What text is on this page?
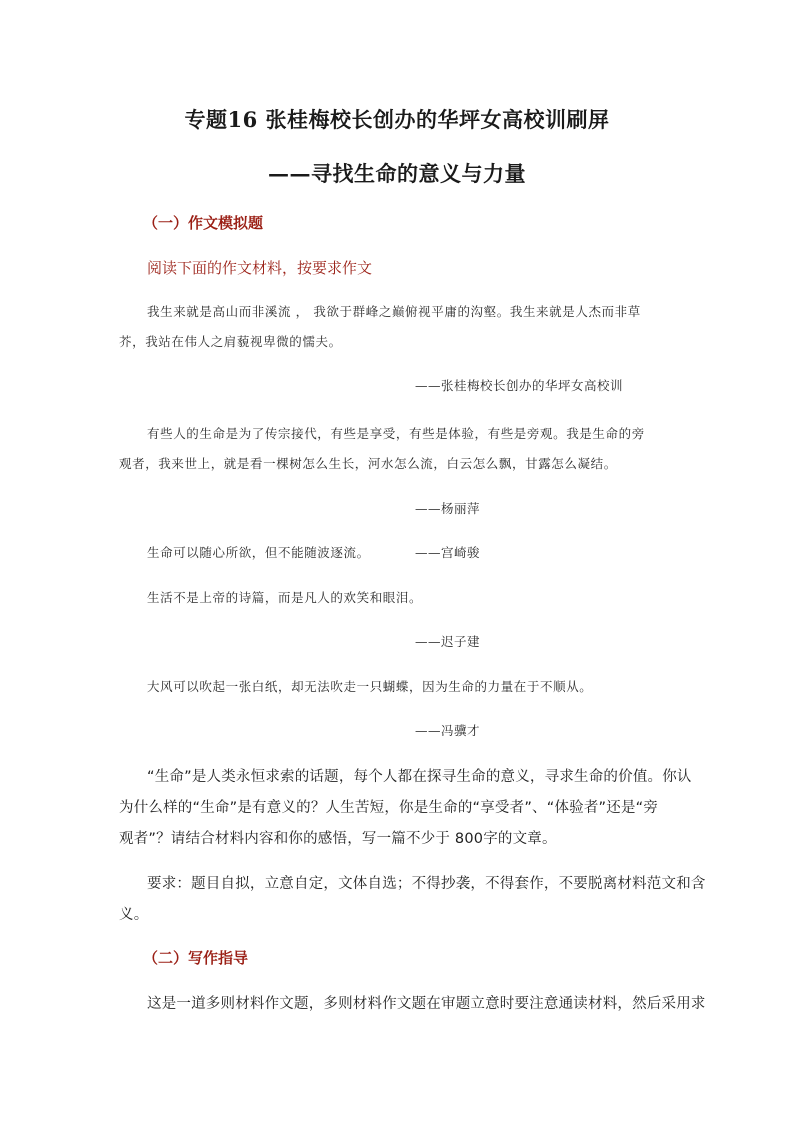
专题16 张桂梅校长创办的华坪女高校训刷屏
——寻找生命的意义与力量
（一）作文模拟题
阅读下面的作文材料，按要求作文

我生来就是高山而非溪流 ， 我欲于群峰之巅俯视平庸的沟壑。我生来就是人杰而非草

芥，我站在伟人之肩藐视卑微的懦夫。

——张桂梅校长创办的华坪女高校训

有些人的生命是为了传宗接代，有些是享受，有些是体验，有些是旁观。我是生命的旁

观者，我来世上，就是看一棵树怎么生长，河水怎么流，白云怎么飘，甘露怎么凝结。

——杨丽萍

生命可以随心所欲，但不能随波逐流。	——宫崎骏

生活不是上帝的诗篇，而是凡人的欢笑和眼泪。

——迟子建

大风可以吹起一张白纸，却无法吹走一只蝴蝶，因为生命的力量在于不顺从。

——冯骥才

“生命”是人类永恒求索的话题，每个人都在探寻生命的意义，寻求生命的价值。你认

为什么样的“生命”是有意义的？人生苦短，你是生命的“享受者”、“体验者”还是“旁

观者”？请结合材料内容和你的感悟，写一篇不少于 800字的文章。

要求：题目自拟，立意自定，文体自选；不得抄袭，不得套作，不要脱离材料范文和含

义。

（二）写作指导

这是一道多则材料作文题，多则材料作文题在审题立意时要注意通读材料，然后采用求
